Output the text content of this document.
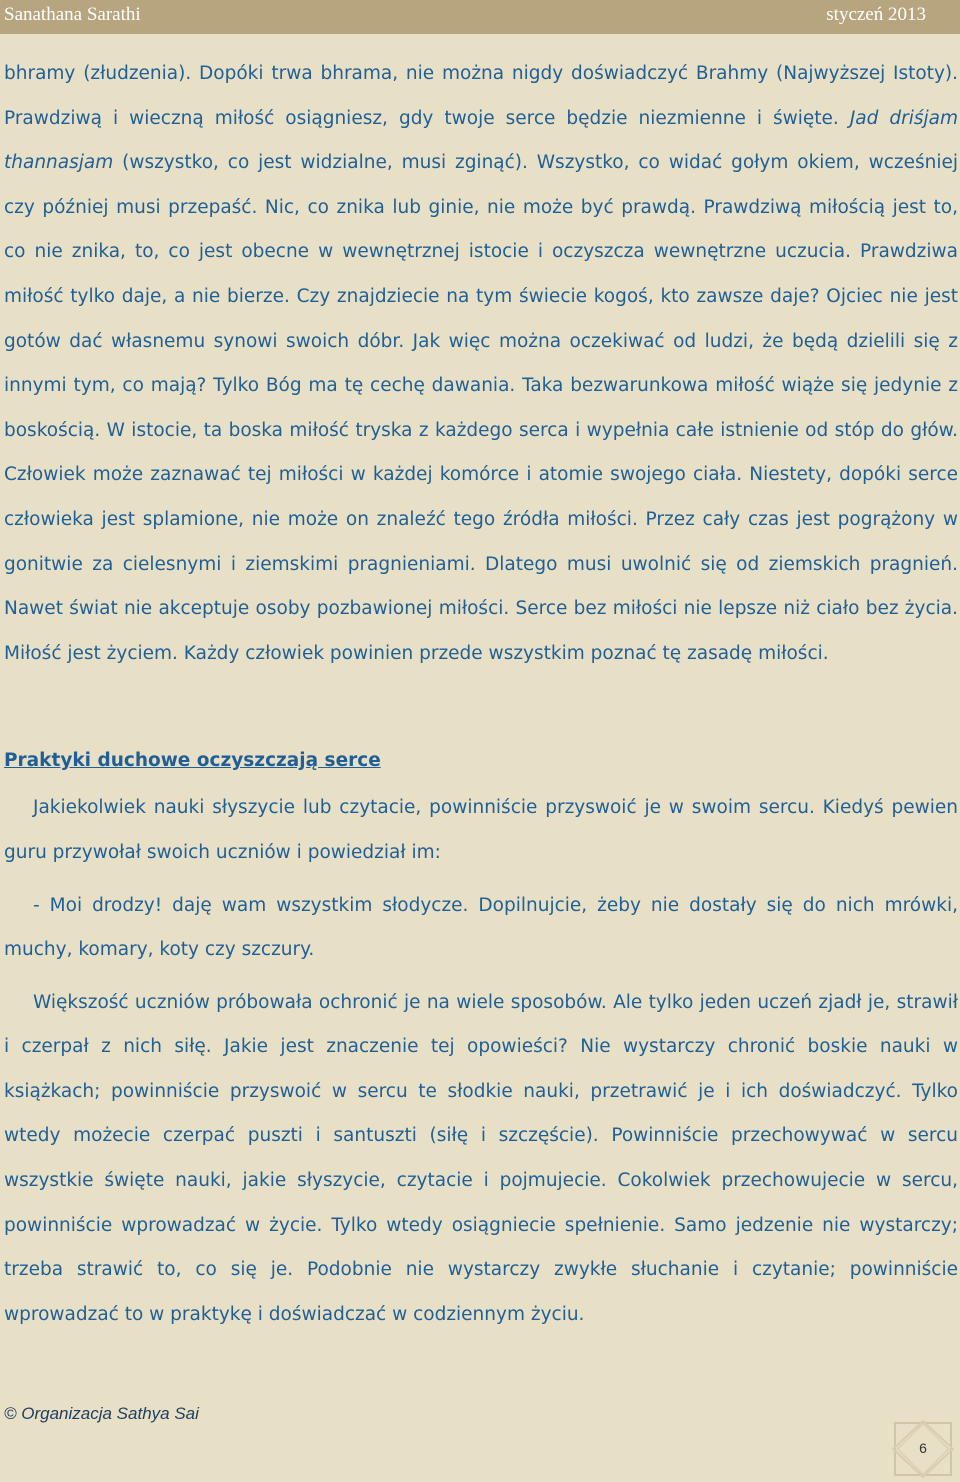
Sanathana Sarathi	styczeń 2013

bhramy (złudzenia). Dopóki trwa bhrama, nie można nigdy doświadczyć Brahmy (Najwyższej Istoty). Prawdziwą i wieczną miłość osiągniesz, gdy twoje serce będzie niezmienne i święte. Jad driśjam thannasjam (wszystko, co jest widzialne, musi zginąć). Wszystko, co widać gołym okiem, wcześniej czy później musi przepaść. Nic, co znika lub ginie, nie może być prawdą. Prawdziwą miłością jest to, co nie znika, to, co jest obecne w wewnętrznej istocie i oczyszcza wewnętrzne uczucia. Prawdziwa miłość tylko daje, a nie bierze. Czy znajdziecie na tym świecie kogoś, kto zawsze daje? Ojciec nie jest gotów dać własnemu synowi swoich dóbr. Jak więc można oczekiwać od ludzi, że będą dzielili się z innymi tym, co mają? Tylko Bóg ma tę cechę dawania. Taka bezwarunkowa miłość wiąże się jedynie z boskością. W istocie, ta boska miłość tryska z każdego serca i wypełnia całe istnienie od stóp do głów. Człowiek może zaznawać tej miłości w każdej komórce i atomie swojego ciała. Niestety, dopóki serce człowieka jest splamione, nie może on znaleźć tego źródła miłości. Przez cały czas jest pogrążony w gonitwie za cielesnymi i ziemskimi pragnieniami. Dlatego musi uwolnić się od ziemskich pragnień. Nawet świat nie akceptuje osoby pozbawionej miłości. Serce bez miłości nie lepsze niż ciało bez życia. Miłość jest życiem. Każdy człowiek powinien przede wszystkim poznać tę zasadę miłości.

Praktyki duchowe oczyszczają serce

Jakiekolwiek nauki słyszycie lub czytacie, powinniście przyswoić je w swoim sercu. Kiedyś pewien guru przywołał swoich uczniów i powiedział im:

- Moi drodzy! daję wam wszystkim słodycze. Dopilnujcie, żeby nie dostały się do nich mrówki, muchy, komary, koty czy szczury.

Większość uczniów próbowała ochronić je na wiele sposobów. Ale tylko jeden uczeń zjadł je, strawił i czerpał z nich siłę. Jakie jest znaczenie tej opowieści? Nie wystarczy chronić boskie nauki w książkach; powinniście przyswoić w sercu te słodkie nauki, przetrawić je i ich doświadczyć. Tylko wtedy możecie czerpać puszti i santuszti (siłę i szczęście). Powinniście przechowywać w sercu wszystkie święte nauki, jakie słyszycie, czytacie i pojmujecie. Cokolwiek przechowujecie w sercu, powinniście wprowadzać w życie. Tylko wtedy osiągniecie spełnienie. Samo jedzenie nie wystarczy; trzeba strawić to, co się je. Podobnie nie wystarczy zwykłe słuchanie i czytanie; powinniście wprowadzać to w praktykę i doświadczać w codziennym życiu.

© Organizacja Sathya Sai
6
